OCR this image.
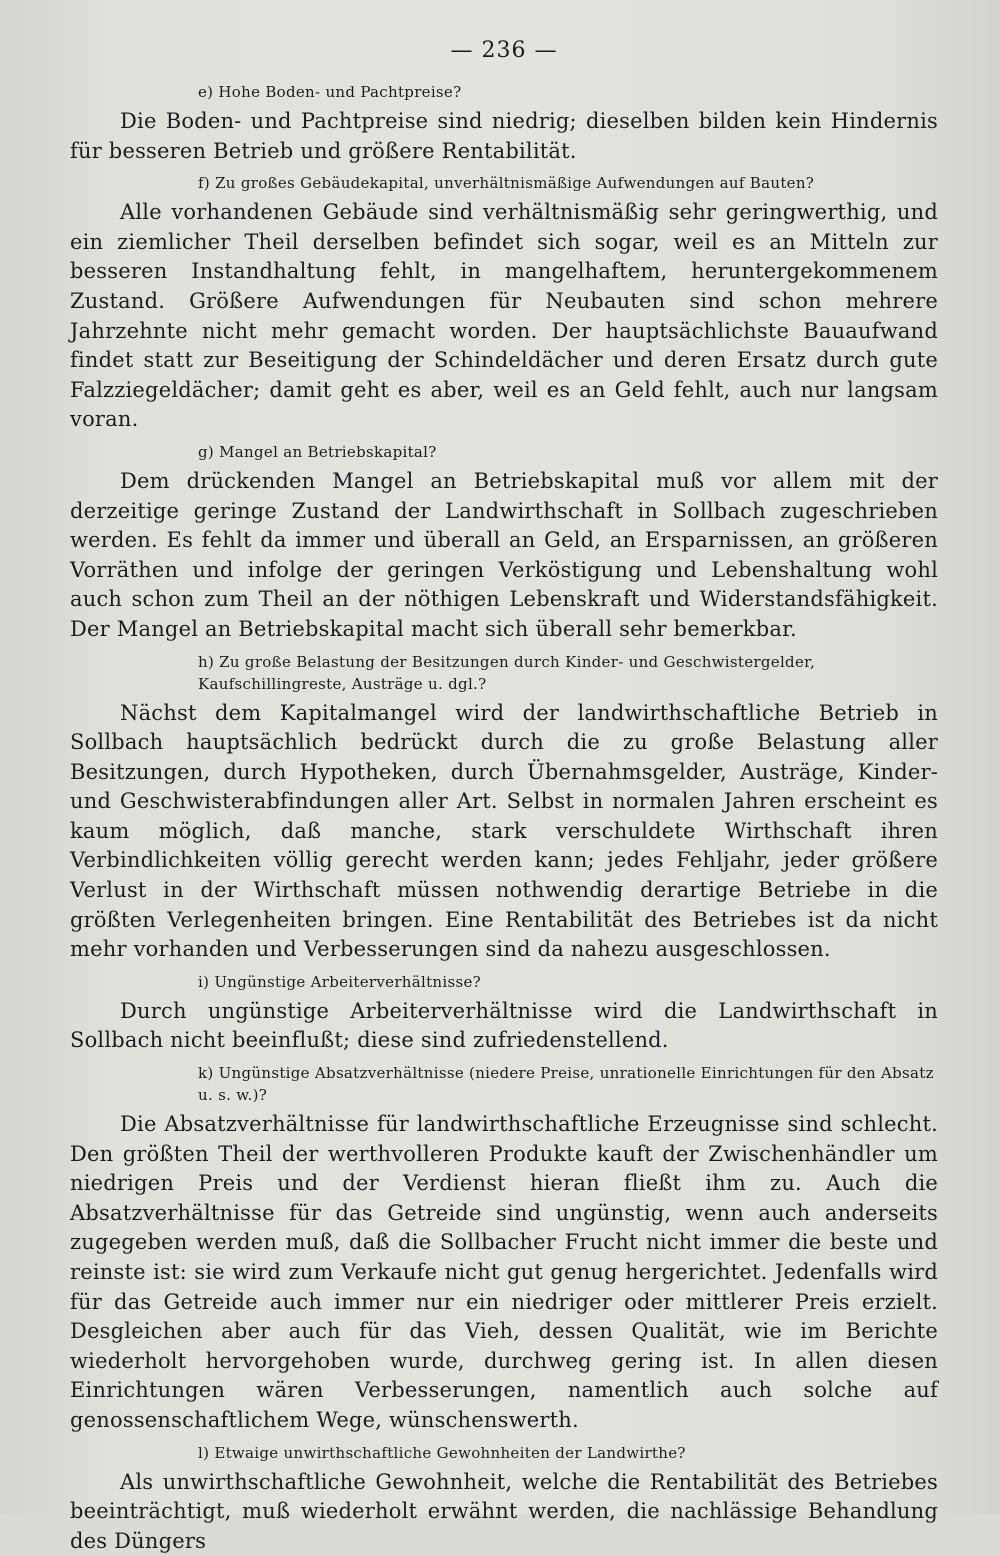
— 236 —
e) Hohe Boden- und Pachtpreise?

Die Boden- und Pachtpreise sind niedrig; dieselben bilden kein Hindernis für besseren Betrieb und größere Rentabilität.

f) Zu großes Gebäudekapital, unverhältnismäßige Aufwendungen auf Bauten?

Alle vorhandenen Gebäude sind verhältnismäßig sehr geringwerthig, und ein ziemlicher Theil derselben befindet sich sogar, weil es an Mitteln zur besseren Instandhaltung fehlt, in mangelhaftem, heruntergekommenem Zustand. Größere Aufwendungen für Neubauten sind schon mehrere Jahrzehnte nicht mehr gemacht worden. Der hauptsächlichste Bauaufwand findet statt zur Beseitigung der Schindeldächer und deren Ersatz durch gute Falzziegeldächer; damit geht es aber, weil es an Geld fehlt, auch nur langsam voran.

g) Mangel an Betriebskapital?

Dem drückenden Mangel an Betriebskapital muß vor allem mit der derzeitige geringe Zustand der Landwirthschaft in Sollbach zugeschrieben werden. Es fehlt da immer und überall an Geld, an Ersparnissen, an größeren Vorräthen und infolge der geringen Verköstigung und Lebenshaltung wohl auch schon zum Theil an der nöthigen Lebenskraft und Widerstandsfähigkeit. Der Mangel an Betriebskapital macht sich überall sehr bemerkbar.

h) Zu große Belastung der Besitzungen durch Kinder- und Geschwistergelder, Kaufschillingreste, Austräge u. dgl.?

Nächst dem Kapitalmangel wird der landwirthschaftliche Betrieb in Sollbach hauptsächlich bedrückt durch die zu große Belastung aller Besitzungen, durch Hypotheken, durch Übernahmsgelder, Austräge, Kinder- und Geschwisterabfindungen aller Art. Selbst in normalen Jahren erscheint es kaum möglich, daß manche, stark verschuldete Wirthschaft ihren Verbindlichkeiten völlig gerecht werden kann; jedes Fehljahr, jeder größere Verlust in der Wirthschaft müssen nothwendig derartige Betriebe in die größten Verlegenheiten bringen. Eine Rentabilität des Betriebes ist da nicht mehr vorhanden und Verbesserungen sind da nahezu ausgeschlossen.

i) Ungünstige Arbeiterverhältnisse?

Durch ungünstige Arbeiterverhältnisse wird die Landwirthschaft in Sollbach nicht beeinflußt; diese sind zufriedenstellend.

k) Ungünstige Absatzverhältnisse (niedere Preise, unrationelle Einrichtungen für den Absatz u. s. w.)?

Die Absatzverhältnisse für landwirthschaftliche Erzeugnisse sind schlecht. Den größten Theil der werthvolleren Produkte kauft der Zwischenhändler um niedrigen Preis und der Verdienst hieran fließt ihm zu. Auch die Absatzverhältnisse für das Getreide sind ungünstig, wenn auch anderseits zugegeben werden muß, daß die Sollbacher Frucht nicht immer die beste und reinste ist: sie wird zum Verkaufe nicht gut genug hergerichtet. Jedenfalls wird für das Getreide auch immer nur ein niedriger oder mittlerer Preis erzielt. Desgleichen aber auch für das Vieh, dessen Qualität, wie im Berichte wiederholt hervorgehoben wurde, durchweg gering ist. In allen diesen Einrichtungen wären Verbesserungen, namentlich auch solche auf genossenschaftlichem Wege, wünschenswerth.

l) Etwaige unwirthschaftliche Gewohnheiten der Landwirthe?

Als unwirthschaftliche Gewohnheit, welche die Rentabilität des Betriebes beeinträchtigt, muß wiederholt erwähnt werden, die nachlässige Behandlung des Düngers
